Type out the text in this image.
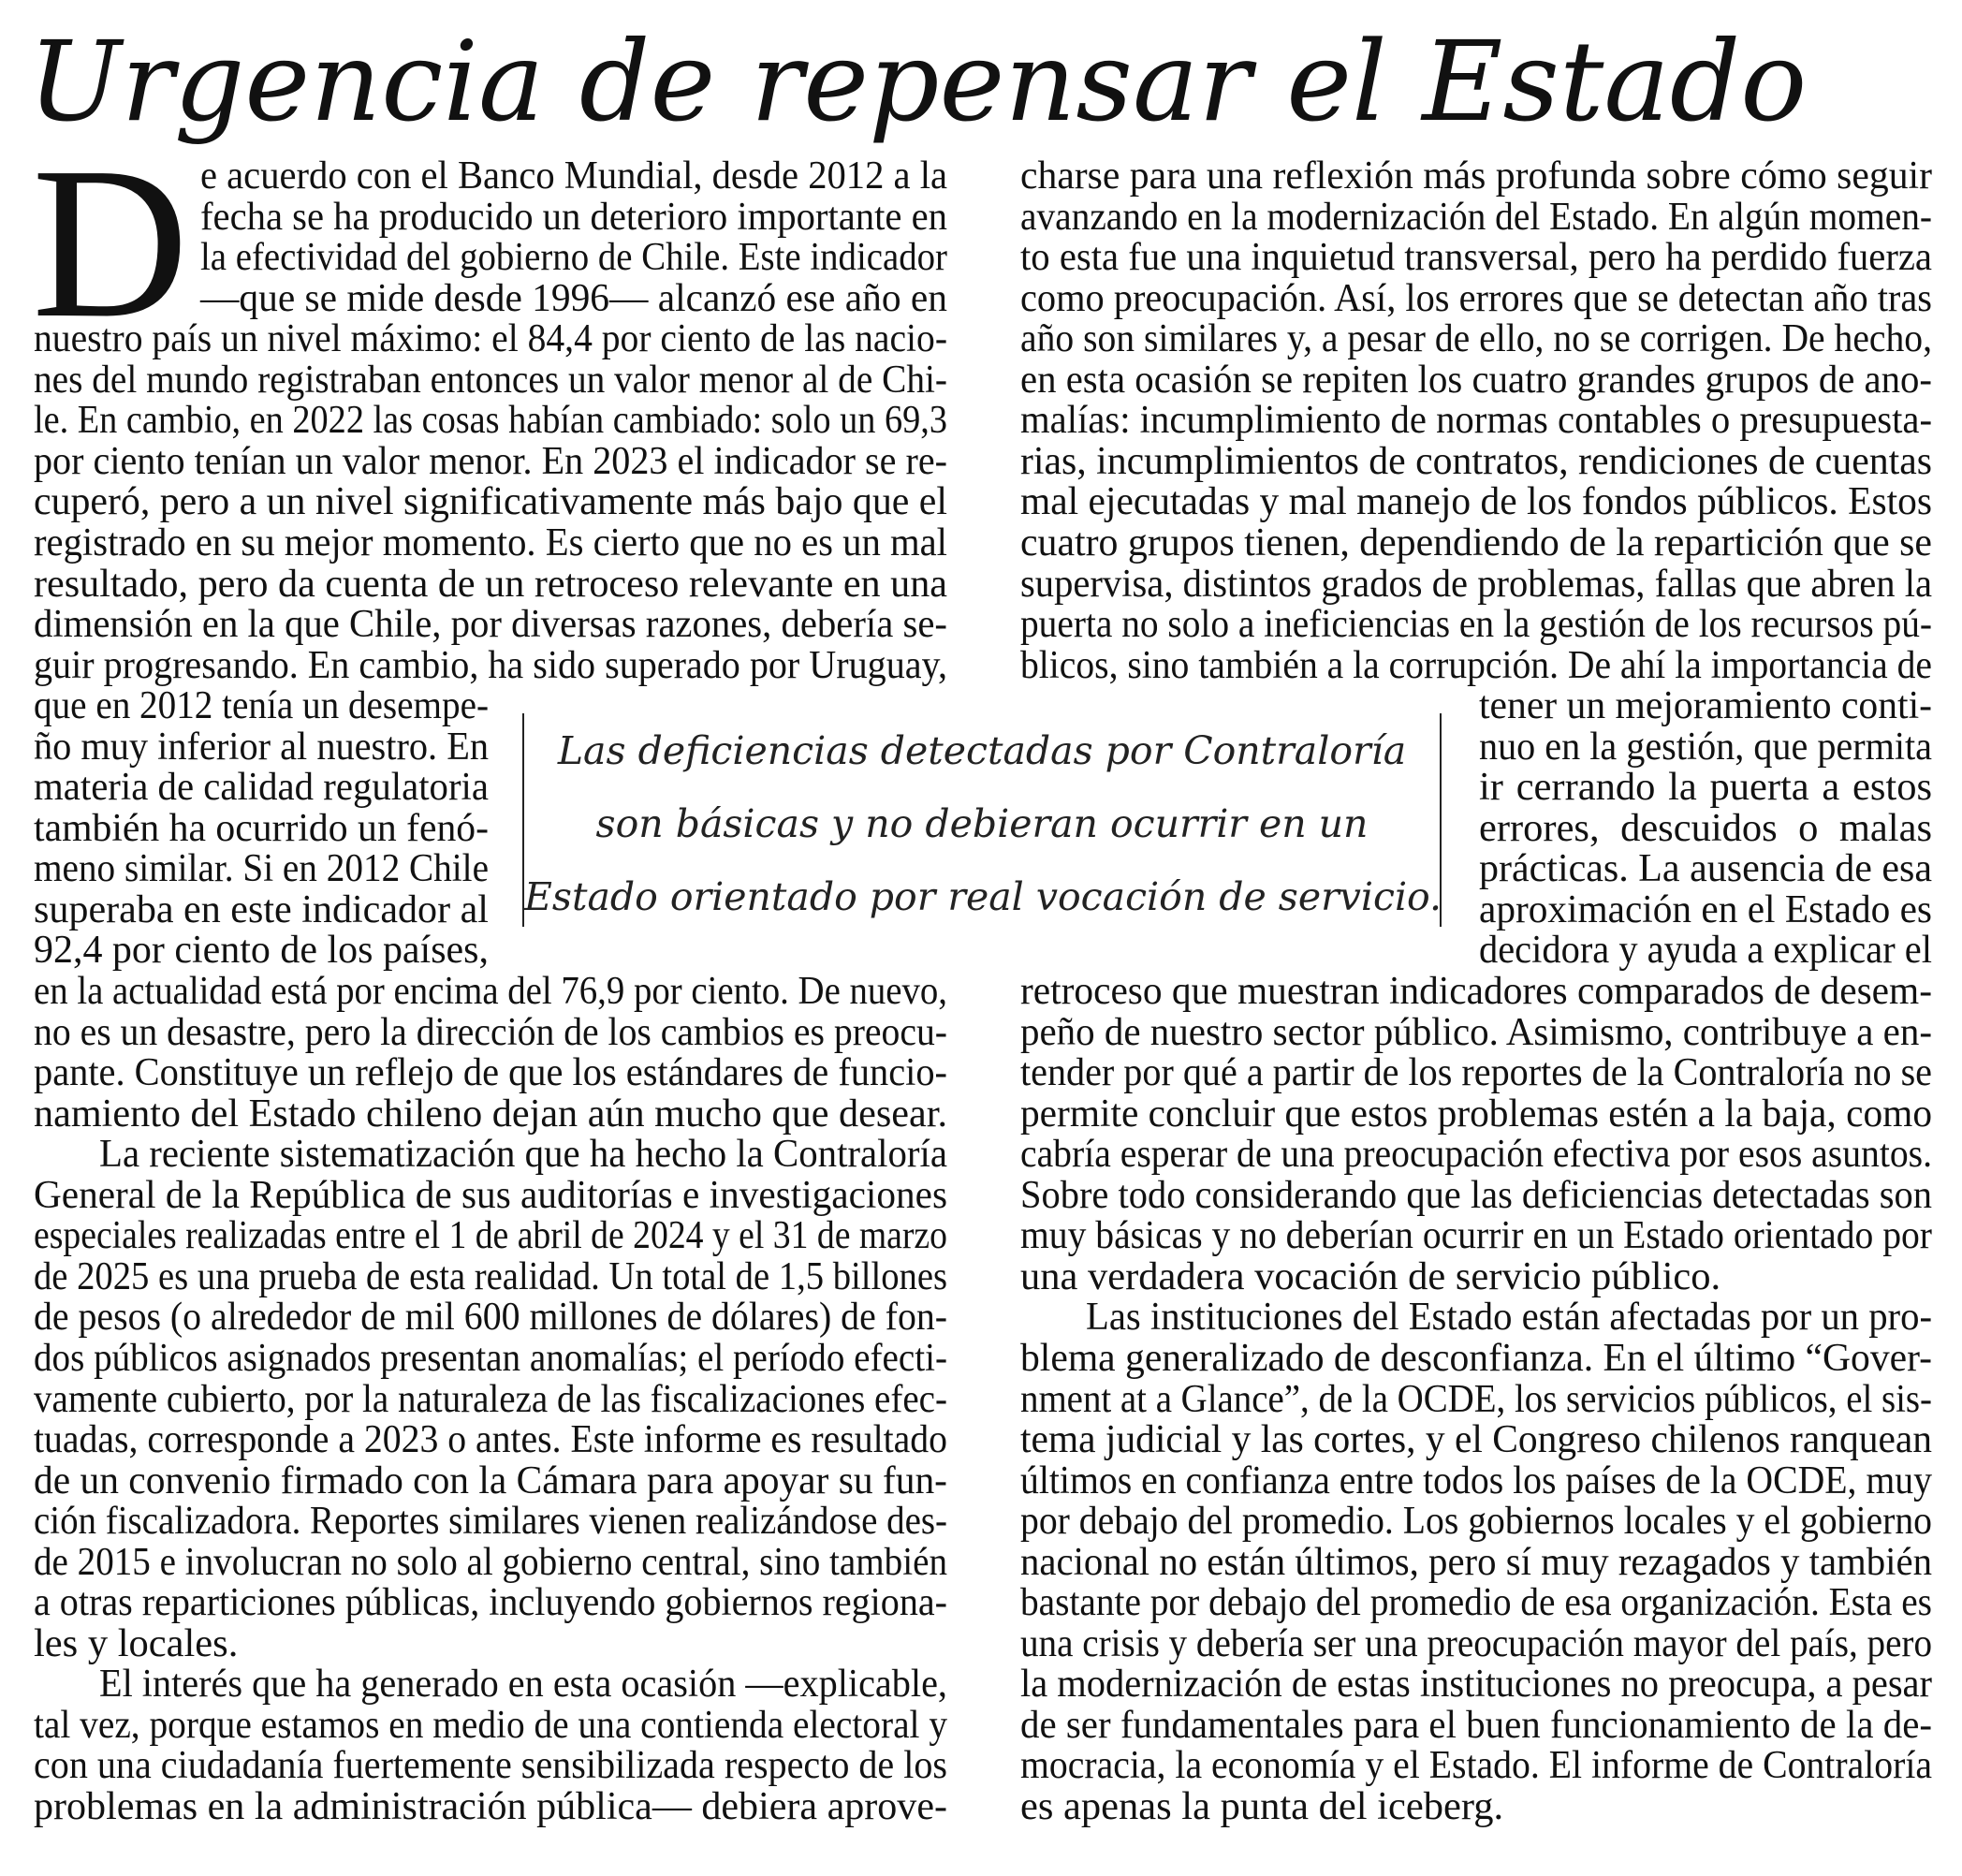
Urgencia de repensar el Estado
D
Las deficiencias detectadas por Contraloría
son básicas y no debieran ocurrir en un
Estado orientado por real vocación de servicio.
e acuerdo con el Banco Mundial, desde 2012 a la
fecha se ha producido un deterioro importante en
la efectividad del gobierno de Chile. Este indicador
—que se mide desde 1996— alcanzó ese año en
nuestro país un nivel máximo: el 84,4 por ciento de las nacio-
nes del mundo registraban entonces un valor menor al de Chi-
le. En cambio, en 2022 las cosas habían cambiado: solo un 69,3
por ciento tenían un valor menor. En 2023 el indicador se re-
cuperó, pero a un nivel significativamente más bajo que el
registrado en su mejor momento. Es cierto que no es un mal
resultado, pero da cuenta de un retroceso relevante en una
dimensión en la que Chile, por diversas razones, debería se-
guir progresando. En cambio, ha sido superado por Uruguay,
que en 2012 tenía un desempe-
ño muy inferior al nuestro. En
materia de calidad regulatoria
también ha ocurrido un fenó-
meno similar. Si en 2012 Chile
superaba en este indicador al
92,4 por ciento de los países,
en la actualidad está por encima del 76,9 por ciento. De nuevo,
no es un desastre, pero la dirección de los cambios es preocu-
pante. Constituye un reflejo de que los estándares de funcio-
namiento del Estado chileno dejan aún mucho que desear.
La reciente sistematización que ha hecho la Contraloría
General de la República de sus auditorías e investigaciones
especiales realizadas entre el 1 de abril de 2024 y el 31 de marzo
de 2025 es una prueba de esta realidad. Un total de 1,5 billones
de pesos (o alrededor de mil 600 millones de dólares) de fon-
dos públicos asignados presentan anomalías; el período efecti-
vamente cubierto, por la naturaleza de las fiscalizaciones efec-
tuadas, corresponde a 2023 o antes. Este informe es resultado
de un convenio firmado con la Cámara para apoyar su fun-
ción fiscalizadora. Reportes similares vienen realizándose des-
de 2015 e involucran no solo al gobierno central, sino también
a otras reparticiones públicas, incluyendo gobiernos regiona-
les y locales.
El interés que ha generado en esta ocasión —explicable,
tal vez, porque estamos en medio de una contienda electoral y
con una ciudadanía fuertemente sensibilizada respecto de los
problemas en la administración pública— debiera aprove-
charse para una reflexión más profunda sobre cómo seguir
avanzando en la modernización del Estado. En algún momen-
to esta fue una inquietud transversal, pero ha perdido fuerza
como preocupación. Así, los errores que se detectan año tras
año son similares y, a pesar de ello, no se corrigen. De hecho,
en esta ocasión se repiten los cuatro grandes grupos de ano-
malías: incumplimiento de normas contables o presupuesta-
rias, incumplimientos de contratos, rendiciones de cuentas
mal ejecutadas y mal manejo de los fondos públicos. Estos
cuatro grupos tienen, dependiendo de la repartición que se
supervisa, distintos grados de problemas, fallas que abren la
puerta no solo a ineficiencias en la gestión de los recursos pú-
blicos, sino también a la corrupción. De ahí la importancia de
tener un mejoramiento conti-
nuo en la gestión, que permita
ir cerrando la puerta a estos
errores, descuidos o malas
prácticas. La ausencia de esa
aproximación en el Estado es
decidora y ayuda a explicar el
retroceso que muestran indicadores comparados de desem-
peño de nuestro sector público. Asimismo, contribuye a en-
tender por qué a partir de los reportes de la Contraloría no se
permite concluir que estos problemas estén a la baja, como
cabría esperar de una preocupación efectiva por esos asuntos.
Sobre todo considerando que las deficiencias detectadas son
muy básicas y no deberían ocurrir en un Estado orientado por
una verdadera vocación de servicio público.
Las instituciones del Estado están afectadas por un pro-
blema generalizado de desconfianza. En el último “Gover-
nment at a Glance”, de la OCDE, los servicios públicos, el sis-
tema judicial y las cortes, y el Congreso chilenos ranquean
últimos en confianza entre todos los países de la OCDE, muy
por debajo del promedio. Los gobiernos locales y el gobierno
nacional no están últimos, pero sí muy rezagados y también
bastante por debajo del promedio de esa organización. Esta es
una crisis y debería ser una preocupación mayor del país, pero
la modernización de estas instituciones no preocupa, a pesar
de ser fundamentales para el buen funcionamiento de la de-
mocracia, la economía y el Estado. El informe de Contraloría
es apenas la punta del iceberg.
